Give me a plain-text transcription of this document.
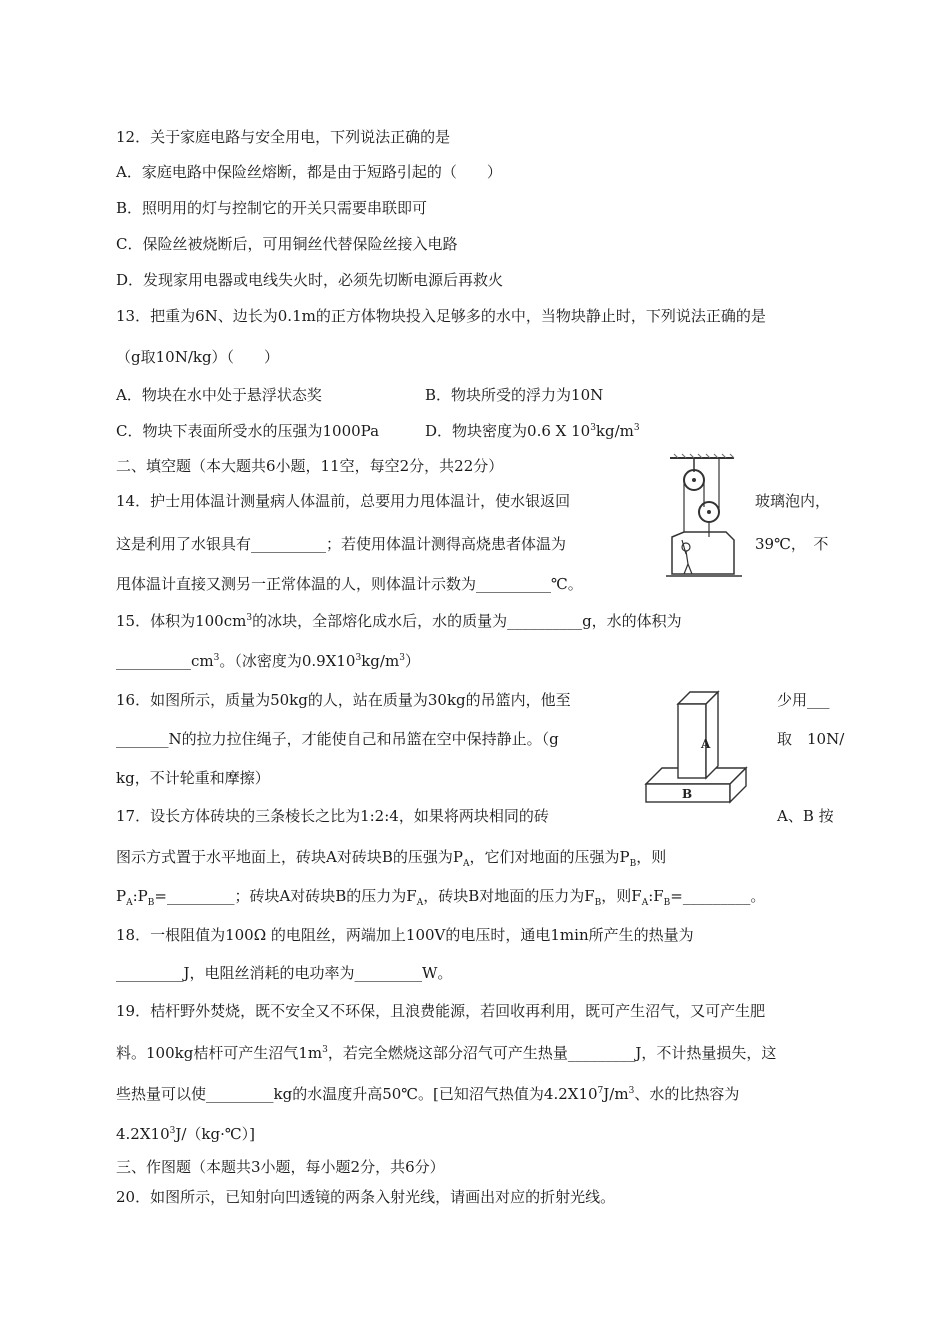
12．关于家庭电路与安全用电，下列说法正确的是
A．家庭电路中保险丝熔断，都是由于短路引起的（　　）
B．照明用的灯与控制它的开关只需要串联即可
C．保险丝被烧断后，可用铜丝代替保险丝接入电路
D．发现家用电器或电线失火时，必须先切断电源后再救火
13．把重为6N、边长为0.1m的正方体物块投入足够多的水中，当物块静止时，下列说法正确的是
（g取10N/kg）（　　）
A．物块在水中处于悬浮状态奖	B．物块所受的浮力为10N
C．物块下表面所受水的压强为1000Pa	D．物块密度为0.6 X $10^3kg/m^3$
二、填空题（本大题共6小题，11空，每空2分，共22分）
14．护士用体温计测量病人体温前，总要用力甩体温计，使水银返回	玻璃泡内，
这是利用了水银具有__________；若使用体温计测得高烧患者体温为	39℃，　不
甩体温计直接又测另一正常体温的人，则体温计示数为__________℃。
15．体积为$100cm^3$的冰块，全部熔化成水后，水的质量为__________g，水的体积为
$\_\_\_\_\_\_\_\_\_\_cm^3$。（冰密度为$0.9X10^3kg/m^3$）
A
B
16．如图所示，质量为50kg的人，站在质量为30kg的吊篮内，他至	少用___
_______N的拉力拉住绳子，才能使自己和吊篮在空中保持静止。（g	取　10N/
kg，不计轮重和摩擦）
17．设长方体砖块的三条棱长之比为1:2:4，如果将两块相同的砖	A、B 按
图示方式置于水平地面上，砖块A对砖块B的压强为$P_A$，它们对地面的压强为$P_B$，则
$P_A:P_B=\_\_\_\_\_\_\_\_\_$；砖块A对砖块B的压力为$F_A$，砖块B对地面的压力为$F_B$，则$F_A:F_B=\_\_\_\_\_\_\_\_\_$。
18．一根阻值为100Ω 的电阻丝，两端加上100V的电压时，通电1min所产生的热量为
_________J，电阻丝消耗的电功率为_________W。
19．桔杆野外焚烧，既不安全又不环保，且浪费能源，若回收再利用，既可产生沼气，又可产生肥
料。100kg桔杆可产生沼气$1m^3$，若完全燃烧这部分沼气可产生热量_________J，不计热量损失，这
些热量可以使_________kg的水温度升高50℃。[已知沼气热值为$4.2X10^7J/m^3$、水的比热容为
$4.2X10^3J/(kg\cdot℃)$]
三、作图题（本题共3小题，每小题2分，共6分）
20．如图所示，已知射向凹透镜的两条入射光线，请画出对应的折射光线。
